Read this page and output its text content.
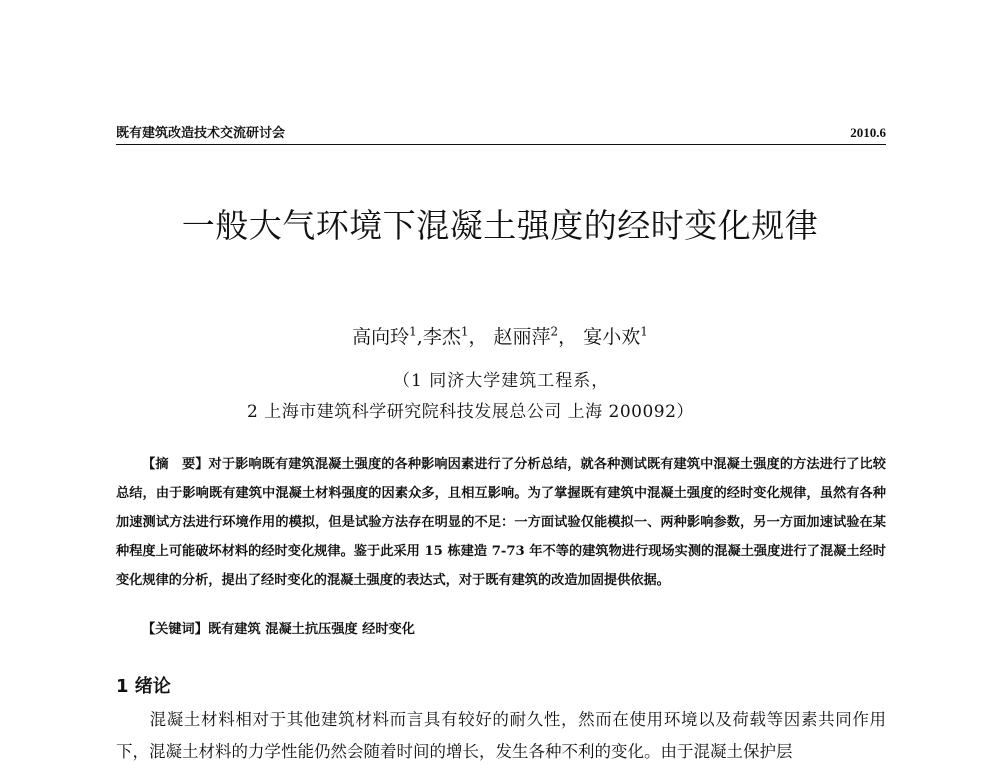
既有建筑改造技术交流研讨会	2010.6
一般大气环境下混凝土强度的经时变化规律
高向玲$^1$,李杰$^1$， 赵丽萍$^2$， 宴小欢$^1$
（1 同济大学建筑工程系，
2 上海市建筑科学研究院科技发展总公司 上海 200092）
【摘　要】对于影响既有建筑混凝土强度的各种影响因素进行了分析总结，就各种测试既有建筑中混凝土强度的方法进行了比较总结，由于影响既有建筑中混凝土材料强度的因素众多，且相互影响。为了掌握既有建筑中混凝土强度的经时变化规律，虽然有各种加速测试方法进行环境作用的模拟，但是试验方法存在明显的不足：一方面试验仅能模拟一、两种影响参数，另一方面加速试验在某种程度上可能破坏材料的经时变化规律。鉴于此采用 15 栋建造 7-73 年不等的建筑物进行现场实测的混凝土强度进行了混凝土经时变化规律的分析，提出了经时变化的混凝土强度的表达式，对于既有建筑的改造加固提供依据。
【关键词】既有建筑 混凝土抗压强度 经时变化
1 绪论
混凝土材料相对于其他建筑材料而言具有较好的耐久性，然而在使用环境以及荷载等因素共同作用下，混凝土材料的力学性能仍然会随着时间的增长，发生各种不利的变化。由于混凝土保护层
